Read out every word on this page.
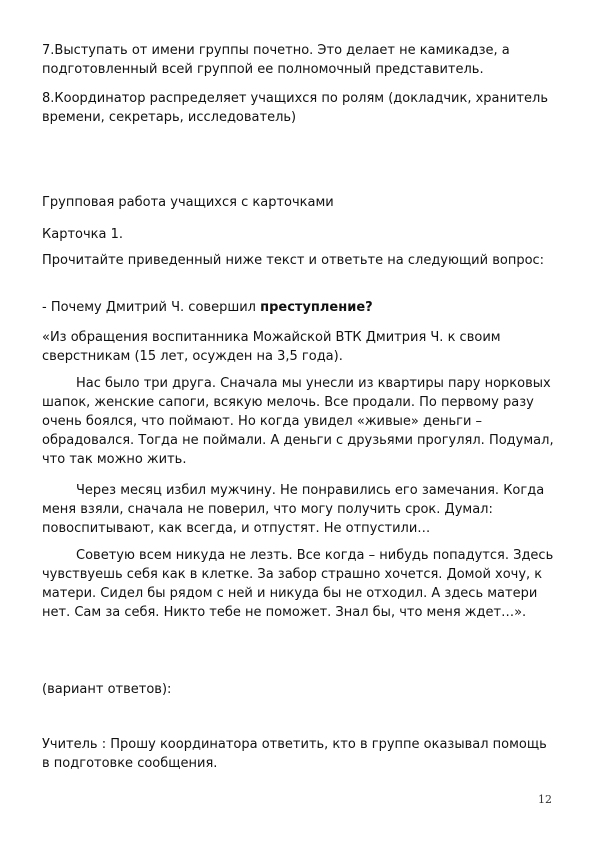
7.Выступать от имени группы почетно. Это делает не камикадзе, а подготовленный всей группой ее полномочный представитель.

8.Координатор распределяет учащихся по ролям (докладчик, хранитель времени, секретарь, исследователь)

Групповая работа учащихся с карточками

Карточка 1.

Прочитайте приведенный ниже текст и ответьте на следующий вопрос:

- Почему Дмитрий Ч. совершил преступление?

«Из обращения воспитанника Можайской ВТК Дмитрия Ч. к своим сверстникам (15 лет, осужден на 3,5 года).

Нас было три друга. Сначала мы унесли из квартиры пару норковых шапок, женские сапоги, всякую мелочь. Все продали. По первому разу очень боялся, что поймают. Но когда увидел «живые» деньги – обрадовался. Тогда не поймали. А деньги с друзьями прогулял. Подумал, что так можно жить.

Через месяц избил мужчину. Не понравились его замечания. Когда меня взяли, сначала не поверил, что могу получить срок. Думал: повоспитывают, как всегда, и отпустят. Не отпустили…

Советую всем никуда не лезть. Все когда – нибудь попадутся. Здесь чувствуешь себя как в клетке. За забор страшно хочется. Домой хочу, к матери. Сидел бы рядом с ней и никуда бы не отходил. А здесь матери нет. Сам за себя. Никто тебе не поможет. Знал бы, что меня ждет…».

(вариант ответов):

Учитель : Прошу координатора ответить, кто в группе оказывал помощь в подготовке сообщения.

12
